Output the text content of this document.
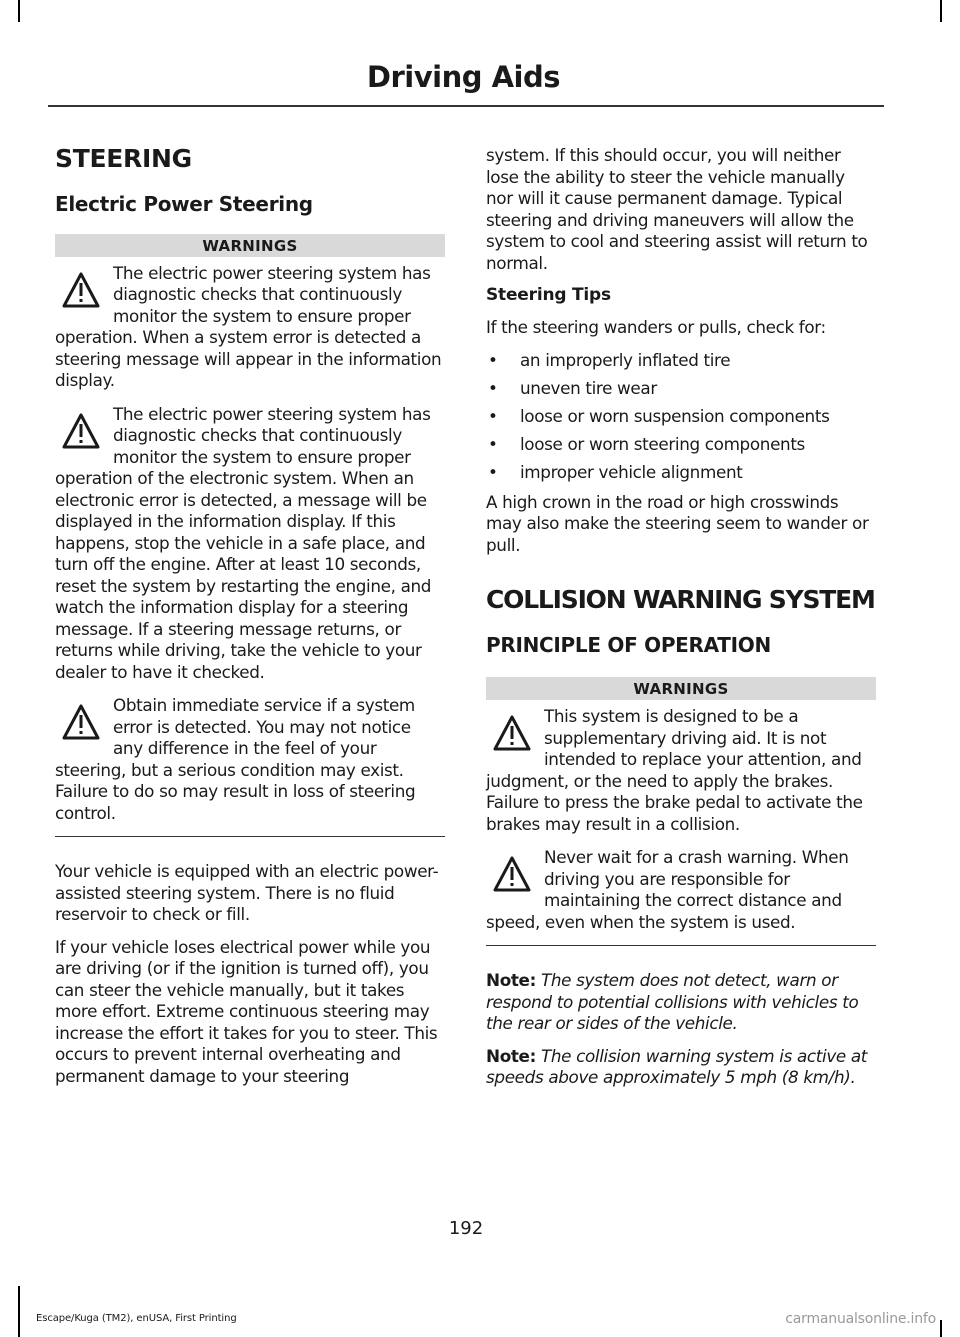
Driving Aids
STEERING
Electric Power Steering
WARNINGS
The electric power steering system has diagnostic checks that continuously monitor the system to ensure proper operation. When a system error is detected a steering message will appear in the information display.
The electric power steering system has diagnostic checks that continuously monitor the system to ensure proper operation of the electronic system. When an electronic error is detected, a message will be displayed in the information display. If this happens, stop the vehicle in a safe place, and turn off the engine. After at least 10 seconds, reset the system by restarting the engine, and watch the information display for a steering message. If a steering message returns, or returns while driving, take the vehicle to your dealer to have it checked.
Obtain immediate service if a system error is detected. You may not notice any difference in the feel of your steering, but a serious condition may exist. Failure to do so may result in loss of steering control.

Your vehicle is equipped with an electric power-assisted steering system. There is no fluid reservoir to check or fill.

If your vehicle loses electrical power while you are driving (or if the ignition is turned off), you can steer the vehicle manually, but it takes more effort. Extreme continuous steering may increase the effort it takes for you to steer. This occurs to prevent internal overheating and permanent damage to your steering

system. If this should occur, you will neither lose the ability to steer the vehicle manually nor will it cause permanent damage. Typical steering and driving maneuvers will allow the system to cool and steering assist will return to normal.

Steering Tips

If the steering wanders or pulls, check for:

• an improperly inflated tire
• uneven tire wear
• loose or worn suspension components
• loose or worn steering components
• improper vehicle alignment

A high crown in the road or high crosswinds may also make the steering seem to wander or pull.

COLLISION WARNING SYSTEM
PRINCIPLE OF OPERATION
WARNINGS
This system is designed to be a supplementary driving aid. It is not intended to replace your attention, and judgment, or the need to apply the brakes. Failure to press the brake pedal to activate the brakes may result in a collision.
Never wait for a crash warning. When driving you are responsible for maintaining the correct distance and speed, even when the system is used.
Note: The system does not detect, warn or respond to potential collisions with vehicles to the rear or sides of the vehicle.
Note: The collision warning system is active at speeds above approximately 5 mph (8 km/h).
192
Escape/Kuga (TM2), enUSA, First Printing	carmanualsonline.info
